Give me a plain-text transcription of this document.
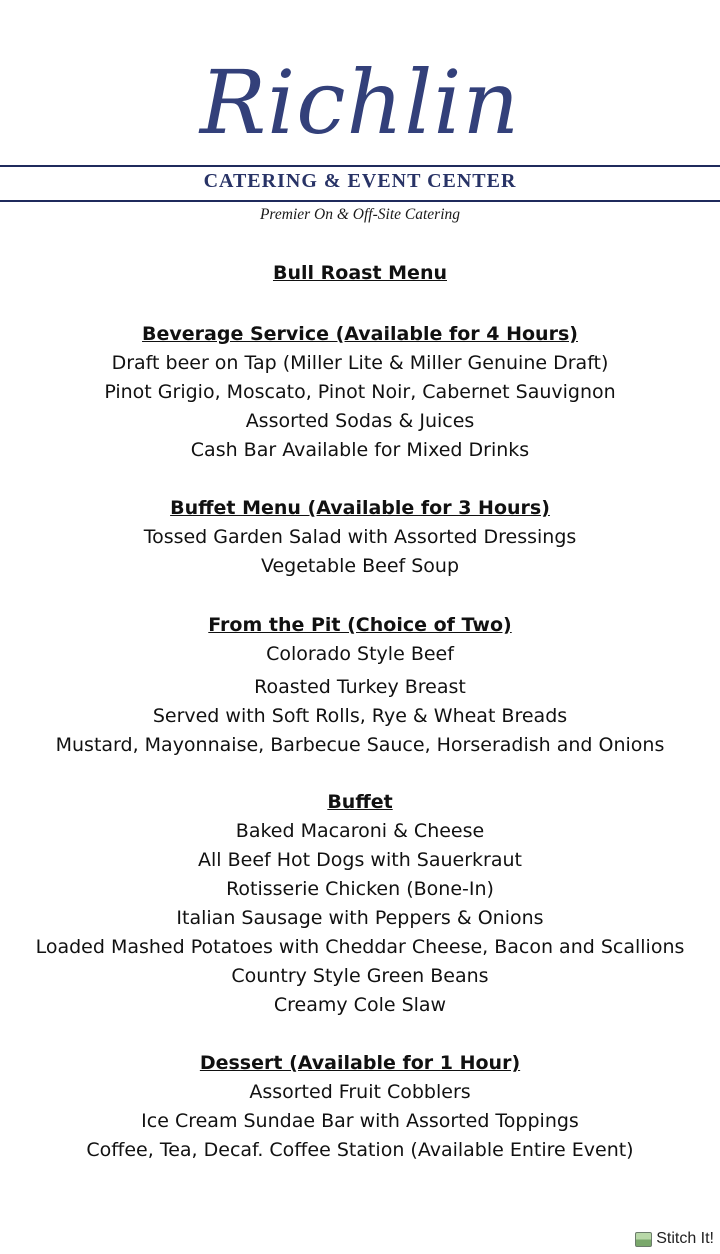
Richlin
CATERING & EVENT CENTER
Premier On & Off-Site Catering
Bull Roast Menu
Beverage Service (Available for 4 Hours)
Draft beer on Tap (Miller Lite & Miller Genuine Draft)
Pinot Grigio, Moscato, Pinot Noir, Cabernet Sauvignon
Assorted Sodas & Juices
Cash Bar Available for Mixed Drinks
Buffet Menu (Available for 3 Hours)
Tossed Garden Salad with Assorted Dressings
Vegetable Beef Soup
From the Pit (Choice of Two)
Colorado Style Beef
Roasted Turkey Breast
Served with Soft Rolls, Rye & Wheat Breads
Mustard, Mayonnaise, Barbecue Sauce, Horseradish and Onions
Buffet
Baked Macaroni & Cheese
All Beef Hot Dogs with Sauerkraut
Rotisserie Chicken (Bone-In)
Italian Sausage with Peppers & Onions
Loaded Mashed Potatoes with Cheddar Cheese, Bacon and Scallions
Country Style Green Beans
Creamy Cole Slaw
Dessert (Available for 1 Hour)
Assorted Fruit Cobblers
Ice Cream Sundae Bar with Assorted Toppings
Coffee, Tea, Decaf. Coffee Station (Available Entire Event)
Stitch It!
